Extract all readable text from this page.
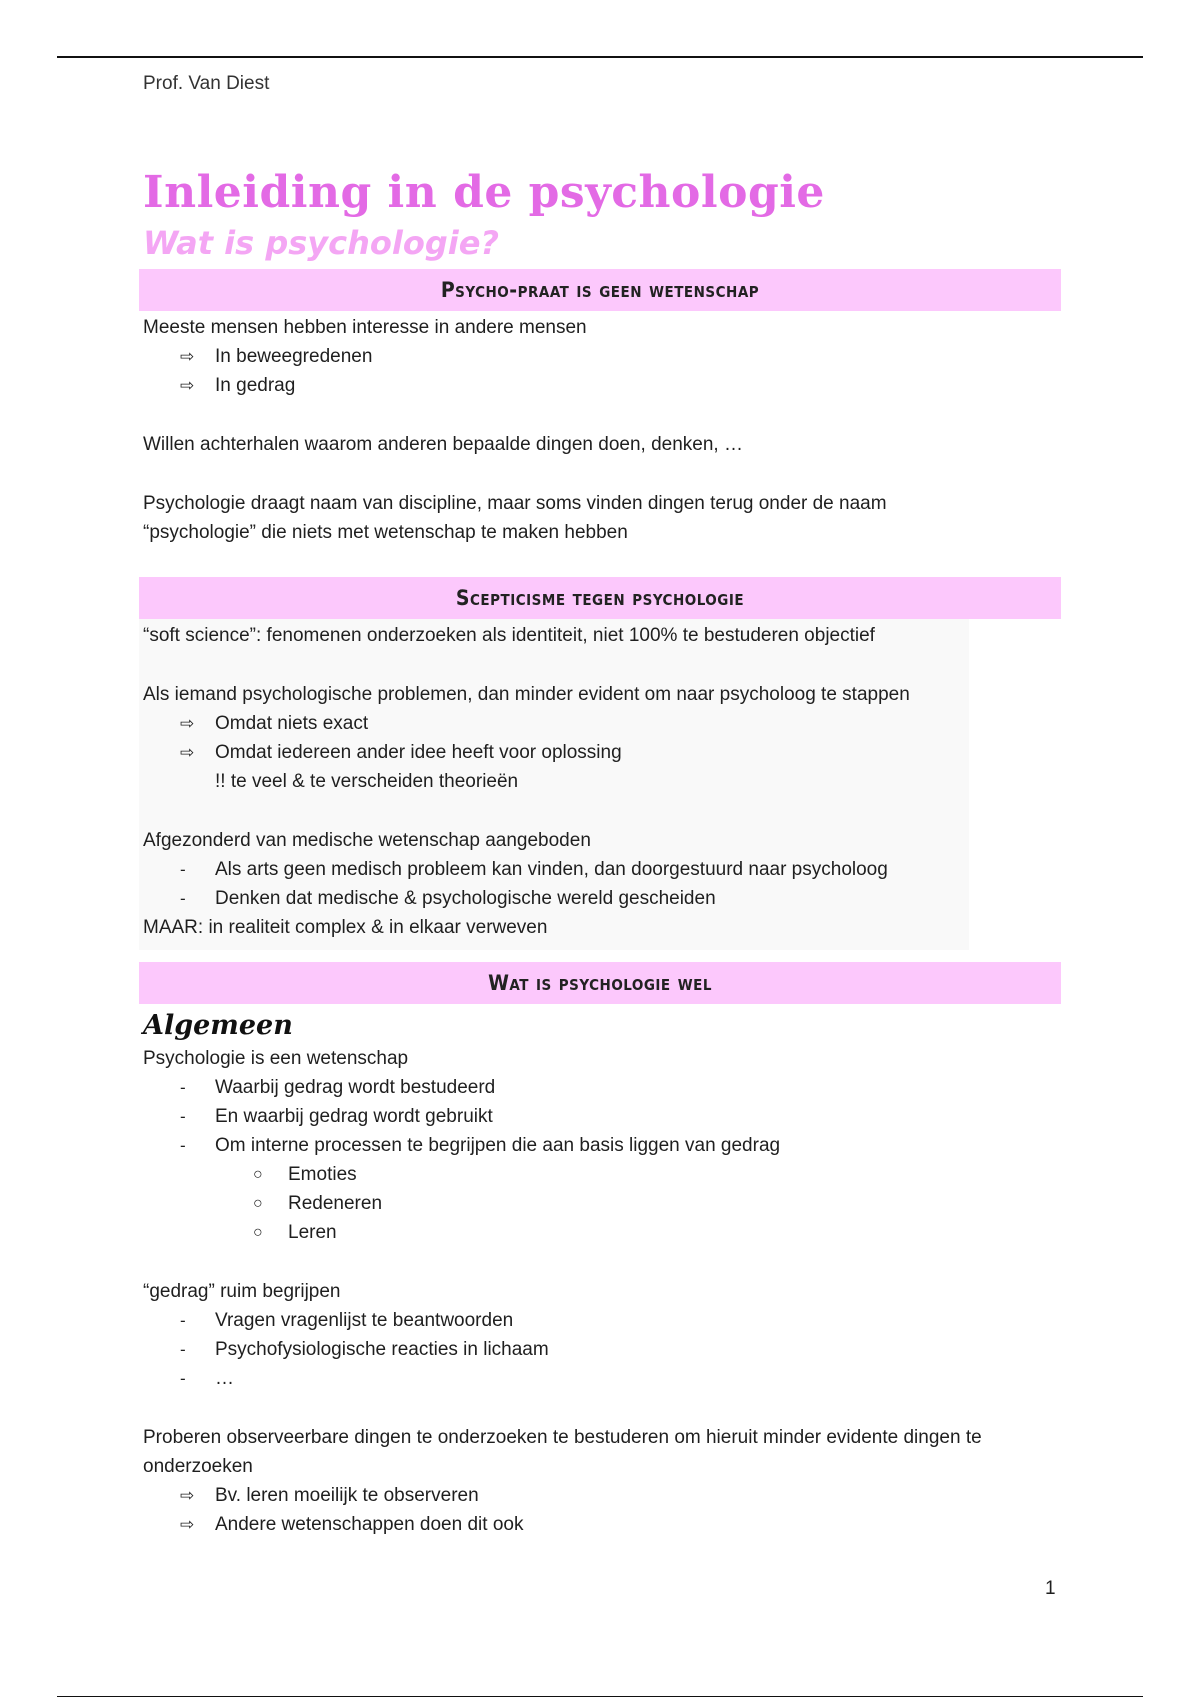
Prof. Van Diest
Inleiding in de psychologie
Wat is psychologie?
Psycho-praat is geen wetenschap

Meeste mensen hebben interesse in andere mensen

⇨	In beweegredenen
⇨	In gedrag

Willen achterhalen waarom anderen bepaalde dingen doen, denken, …

Psychologie draagt naam van discipline, maar soms vinden dingen terug onder de naam

“psychologie” die niets met wetenschap te maken hebben

Scepticisme tegen psychologie

“soft science”: fenomenen onderzoeken als identiteit, niet 100% te bestuderen objectief

Als iemand psychologische problemen, dan minder evident om naar psycholoog te stappen

⇨	Omdat niets exact
⇨	Omdat iedereen ander idee heeft voor oplossing
!! te veel & te verscheiden theorieën

Afgezonderd van medische wetenschap aangeboden

-	Als arts geen medisch probleem kan vinden, dan doorgestuurd naar psycholoog
-	Denken dat medische & psychologische wereld gescheiden

MAAR: in realiteit complex & in elkaar verweven

Wat is psychologie wel
Algemeen

Psychologie is een wetenschap

-	Waarbij gedrag wordt bestudeerd
-	En waarbij gedrag wordt gebruikt
-	Om interne processen te begrijpen die aan basis liggen van gedrag
○	Emoties
○	Redeneren
○	Leren

“gedrag” ruim begrijpen

-	Vragen vragenlijst te beantwoorden
-	Psychofysiologische reacties in lichaam
-	…

Proberen observeerbare dingen te onderzoeken te bestuderen om hieruit minder evidente dingen te

onderzoeken

⇨	Bv. leren moeilijk te observeren
⇨	Andere wetenschappen doen dit ook
1
